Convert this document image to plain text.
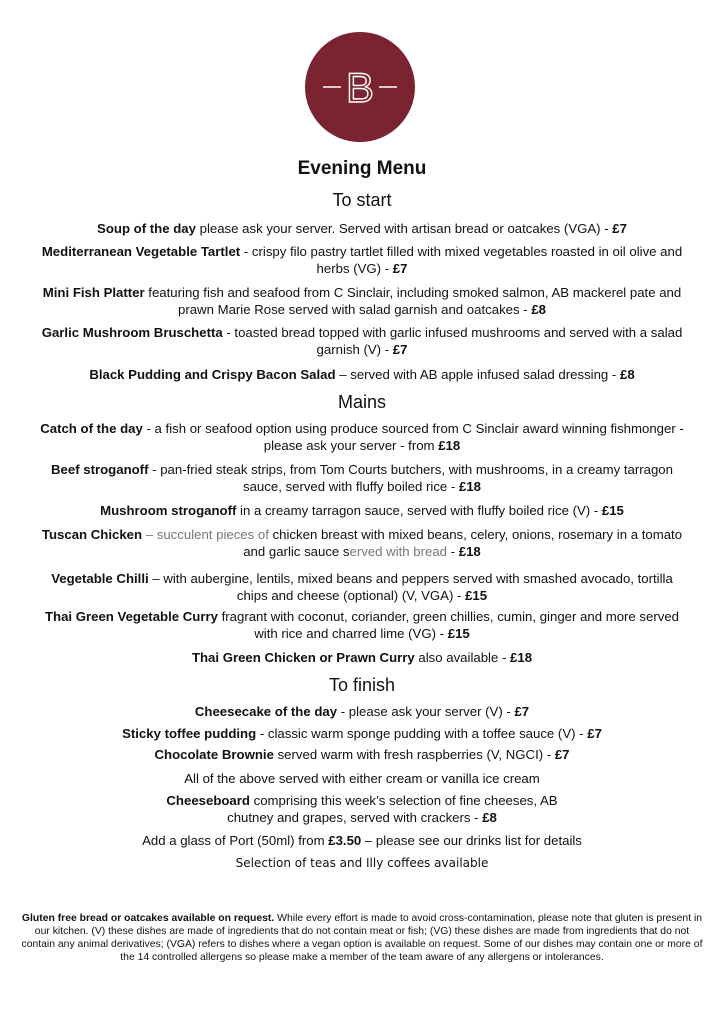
B
Evening Menu
To start
Soup of the day please ask your server. Served with artisan bread or oatcakes (VGA) - £7
Mediterranean Vegetable Tartlet - crispy filo pastry tartlet filled with mixed vegetables roasted in oil olive and herbs (VG) - £7
Mini Fish Platter featuring fish and seafood from C Sinclair, including smoked salmon, AB mackerel pate and prawn Marie Rose served with salad garnish and oatcakes - £8
Garlic Mushroom Bruschetta - toasted bread topped with garlic infused mushrooms and served with a salad garnish (V) - £7
Black Pudding and Crispy Bacon Salad – served with AB apple infused salad dressing - £8
Mains
Catch of the day - a fish or seafood option using produce sourced from C Sinclair award winning fishmonger - please ask your server - from £18
Beef stroganoff - pan-fried steak strips, from Tom Courts butchers, with mushrooms, in a creamy tarragon sauce, served with fluffy boiled rice - £18
Mushroom stroganoff in a creamy tarragon sauce, served with fluffy boiled rice (V) - £15
Tuscan Chicken – succulent pieces of chicken breast with mixed beans, celery, onions, rosemary in a tomato and garlic sauce served with bread - £18
Vegetable Chilli – with aubergine, lentils, mixed beans and peppers served with smashed avocado, tortilla chips and cheese (optional) (V, VGA) - £15
Thai Green Vegetable Curry fragrant with coconut, coriander, green chillies, cumin, ginger and more served with rice and charred lime (VG) - £15
Thai Green Chicken or Prawn Curry also available - £18
To finish
Cheesecake of the day - please ask your server (V) - £7
Sticky toffee pudding - classic warm sponge pudding with a toffee sauce (V) - £7
Chocolate Brownie served warm with fresh raspberries (V, NGCI) - £7
All of the above served with either cream or vanilla ice cream
Cheeseboard comprising this week’s selection of fine cheeses, AB chutney and grapes, served with crackers - £8
Add a glass of Port (50ml) from £3.50 – please see our drinks list for details
Selection of teas and Illy coffees available
Gluten free bread or oatcakes available on request. While every effort is made to avoid cross-contamination, please note that gluten is present in our kitchen. (V) these dishes are made of ingredients that do not contain meat or fish; (VG) these dishes are made from ingredients that do not contain any animal derivatives; (VGA) refers to dishes where a vegan option is available on request. Some of our dishes may contain one or more of the 14 controlled allergens so please make a member of the team aware of any allergens or intolerances.
